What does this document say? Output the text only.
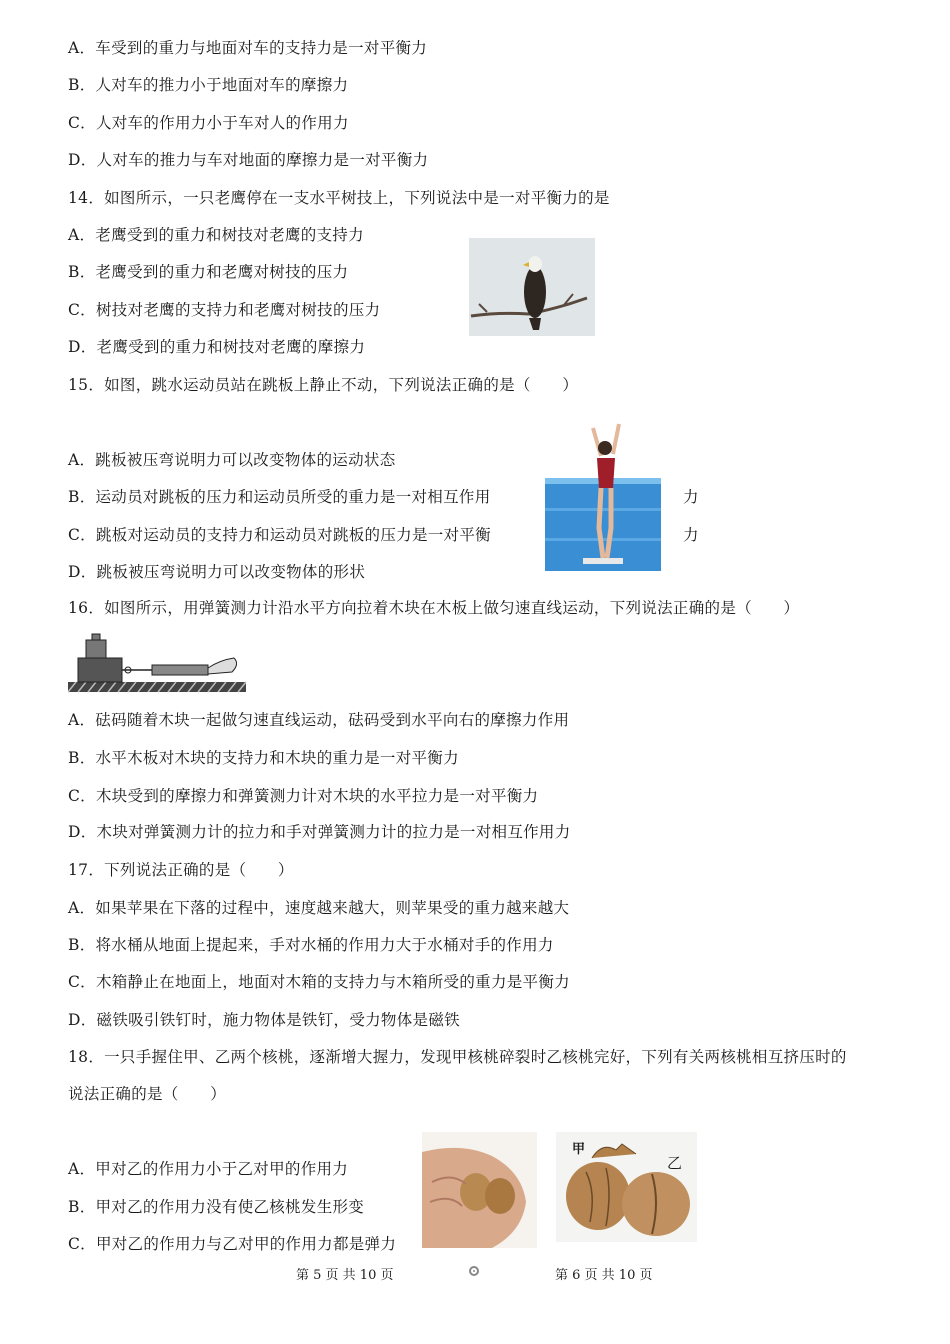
A．车受到的重力与地面对车的支持力是一对平衡力
B．人对车的推力小于地面对车的摩擦力
C．人对车的作用力小于车对人的作用力
D．人对车的推力与车对地面的摩擦力是一对平衡力
14．如图所示，一只老鹰停在一支水平树技上，下列说法中是一对平衡力的是
A．老鹰受到的重力和树技对老鹰的支持力
B．老鹰受到的重力和老鹰对树技的压力
C．树技对老鹰的支持力和老鹰对树技的压力
D．老鹰受到的重力和树技对老鹰的摩擦力
15．如图，跳水运动员站在跳板上静止不动，下列说法正确的是（　　）
A．跳板被压弯说明力可以改变物体的运动状态
B．运动员对跳板的压力和运动员所受的重力是一对相互作用	力
C．跳板对运动员的支持力和运动员对跳板的压力是一对平衡	力
D．跳板被压弯说明力可以改变物体的形状
16．如图所示，用弹簧测力计沿水平方向拉着木块在木板上做匀速直线运动，下列说法正确的是（　　）
A．砝码随着木块一起做匀速直线运动，砝码受到水平向右的摩擦力作用
B．水平木板对木块的支持力和木块的重力是一对平衡力
C．木块受到的摩擦力和弹簧测力计对木块的水平拉力是一对平衡力
D．木块对弹簧测力计的拉力和手对弹簧测力计的拉力是一对相互作用力
17．下列说法正确的是（　　）
A．如果苹果在下落的过程中，速度越来越大，则苹果受的重力越来越大
B．将水桶从地面上提起来，手对水桶的作用力大于水桶对手的作用力
C．木箱静止在地面上，地面对木箱的支持力与木箱所受的重力是平衡力
D．磁铁吸引铁钉时，施力物体是铁钉，受力物体是磁铁
18．一只手握住甲、乙两个核桃，逐渐增大握力，发现甲核桃碎裂时乙核桃完好，下列有关两核桃相互挤压时的
说法正确的是（　　）
A．甲对乙的作用力小于乙对甲的作用力
B．甲对乙的作用力没有使乙核桃发生形变
C．甲对乙的作用力与乙对甲的作用力都是弹力
甲
乙
第 5 页 共 10 页	第 6 页 共 10 页
